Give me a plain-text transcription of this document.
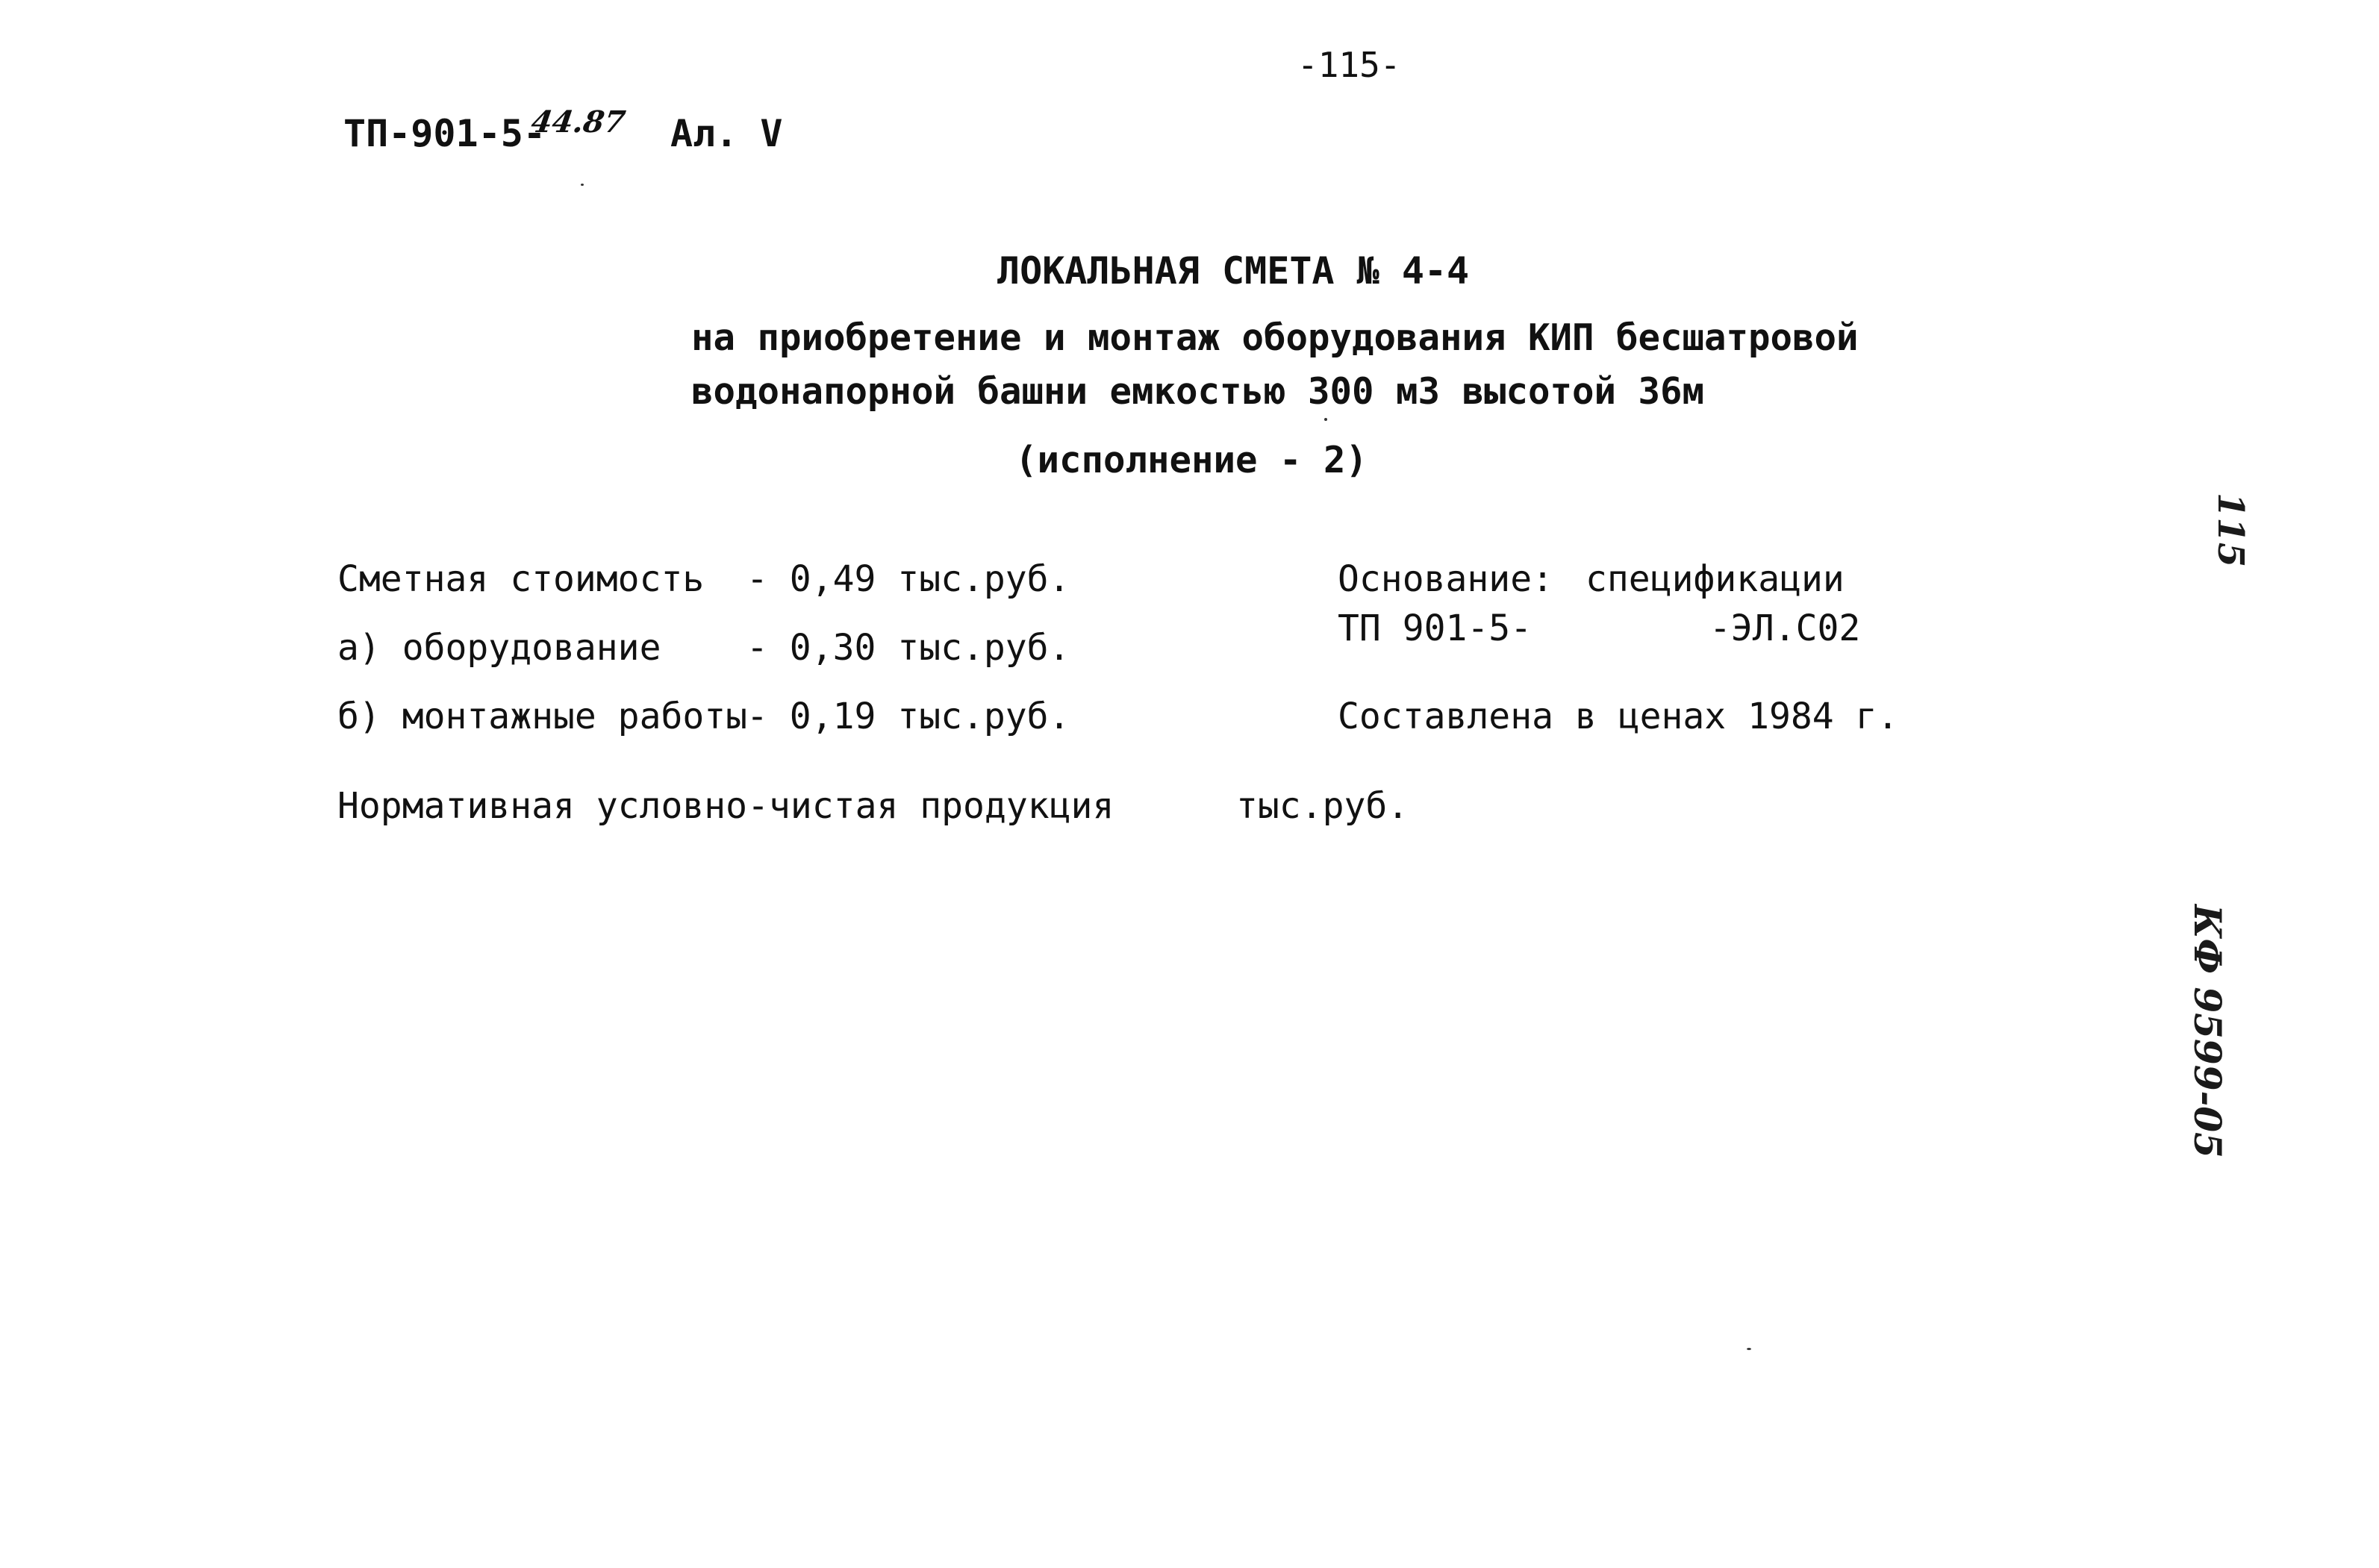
-115-
ТП-901-5-
44.87 Ал. V
ЛОКАЛЬНАЯ СМЕТА № 4-4
на приобретение и монтаж оборудования КИП бесшатровой
водонапорной башни емкостью 300 м3 высотой 36м
(исполнение - 2)
Сметная стоимость - 0,49 тыс.руб.
а) оборудование - 0,30 тыс.руб.
б) монтажные работы
- 0,19 тыс.руб.
Основание: спецификации
ТП 901-5-	-ЭЛ.С02
Составлена в ценах 1984 г.
Нормативная условно-чистая продукция	тыс.руб.
115
КФ 9599-05
